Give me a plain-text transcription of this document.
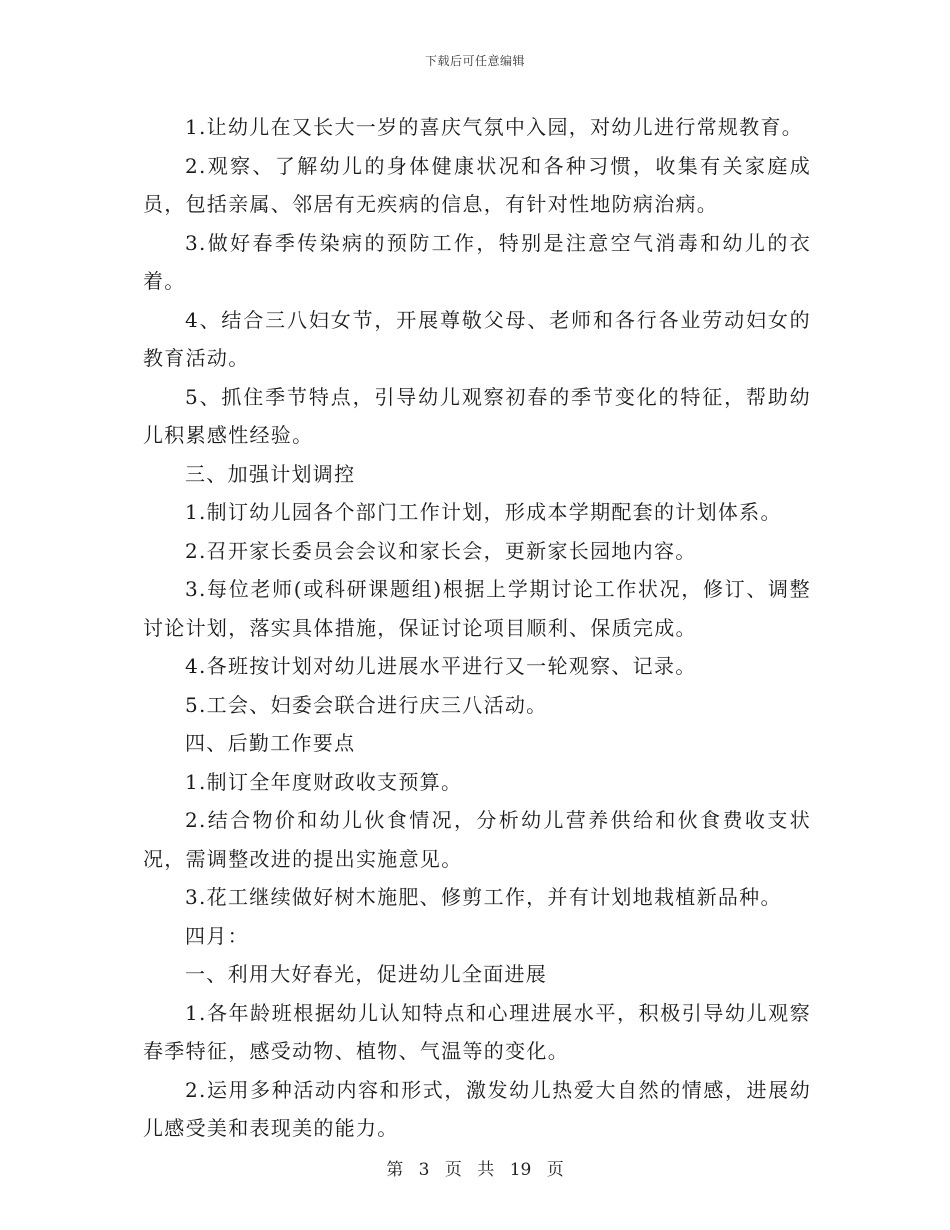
下载后可任意编辑

1.让幼儿在又长大一岁的喜庆气氛中入园，对幼儿进行常规教育。

2.观察、了解幼儿的身体健康状况和各种习惯，收集有关家庭成员，包括亲属、邻居有无疾病的信息，有针对性地防病治病。

3.做好春季传染病的预防工作，特别是注意空气消毒和幼儿的衣着。

4、结合三八妇女节，开展尊敬父母、老师和各行各业劳动妇女的教育活动。

5、抓住季节特点，引导幼儿观察初春的季节变化的特征，帮助幼儿积累感性经验。

三、加强计划调控

1.制订幼儿园各个部门工作计划，形成本学期配套的计划体系。

2.召开家长委员会会议和家长会，更新家长园地内容。

3.每位老师(或科研课题组)根据上学期讨论工作状况，修订、调整讨论计划，落实具体措施，保证讨论项目顺利、保质完成。

4.各班按计划对幼儿进展水平进行又一轮观察、记录。

5.工会、妇委会联合进行庆三八活动。

四、后勤工作要点

1.制订全年度财政收支预算。

2.结合物价和幼儿伙食情况，分析幼儿营养供给和伙食费收支状况，需调整改进的提出实施意见。

3.花工继续做好树木施肥、修剪工作，并有计划地栽植新品种。

四月：

一、利用大好春光，促进幼儿全面进展

1.各年龄班根据幼儿认知特点和心理进展水平，积极引导幼儿观察春季特征，感受动物、植物、气温等的变化。

2.运用多种活动内容和形式，激发幼儿热爱大自然的情感，进展幼儿感受美和表现美的能力。

第 3 页 共 19 页
